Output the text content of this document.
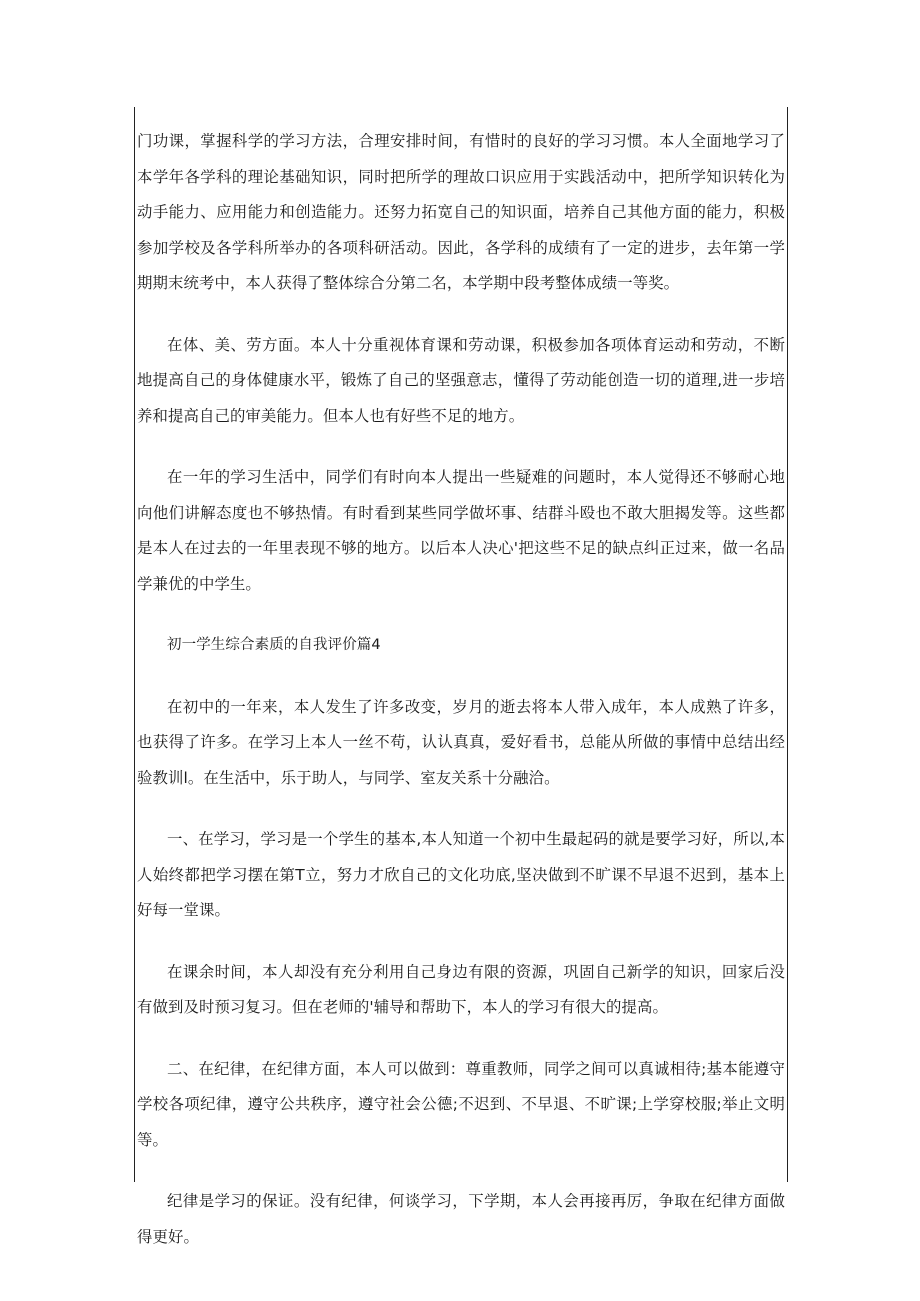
门功课，掌握科学的学习方法，合理安排时间，有惜时的良好的学习习惯。本人全面地学习了本学年各学科的理论基础知识，同时把所学的理故口识应用于实践活动中，把所学知识转化为动手能力、应用能力和创造能力。还努力拓宽自己的知识面，培养自己其他方面的能力，积极参加学校及各学科所举办的各项科研活动。因此，各学科的成绩有了一定的进步，去年第一学期期末统考中，本人获得了整体综合分第二名，本学期中段考整体成绩一等奖。

在体、美、劳方面。本人十分重视体育课和劳动课，积极参加各项体育运动和劳动，不断地提高自己的身体健康水平，锻炼了自己的坚强意志，懂得了劳动能创造一切的道理,进一步培养和提高自己的审美能力。但本人也有好些不足的地方。

在一年的学习生活中，同学们有时向本人提出一些疑难的问题时，本人觉得还不够耐心地向他们讲解态度也不够热情。有时看到某些同学做坏事、结群斗殴也不敢大胆揭发等。这些都是本人在过去的一年里表现不够的地方。以后本人决心'把这些不足的缺点纠正过来，做一名品学兼优的中学生。

初一学生综合素质的自我评价篇4

在初中的一年来，本人发生了许多改变，岁月的逝去将本人带入成年，本人成熟了许多，也获得了许多。在学习上本人一丝不苟，认认真真，爱好看书，总能从所做的事情中总结出经验教训l。在生活中，乐于助人，与同学、室友关系十分融洽。

一、在学习，学习是一个学生的基本,本人知道一个初中生最起码的就是要学习好，所以,本人始终都把学习摆在第T立，努力才欣自己的文化功底,坚决做到不旷课不早退不迟到，基本上好每一堂课。

在课余时间，本人却没有充分利用自己身边有限的资源，巩固自己新学的知识，回家后没有做到及时预习复习。但在老师的'辅导和帮助下，本人的学习有很大的提高。

二、在纪律，在纪律方面，本人可以做到：尊重教师，同学之间可以真诚相待;基本能遵守学校各项纪律，遵守公共秩序，遵守社会公德;不迟到、不早退、不旷课;上学穿校服;举止文明等。

纪律是学习的保证。没有纪律，何谈学习，下学期，本人会再接再厉，争取在纪律方面做得更好。
